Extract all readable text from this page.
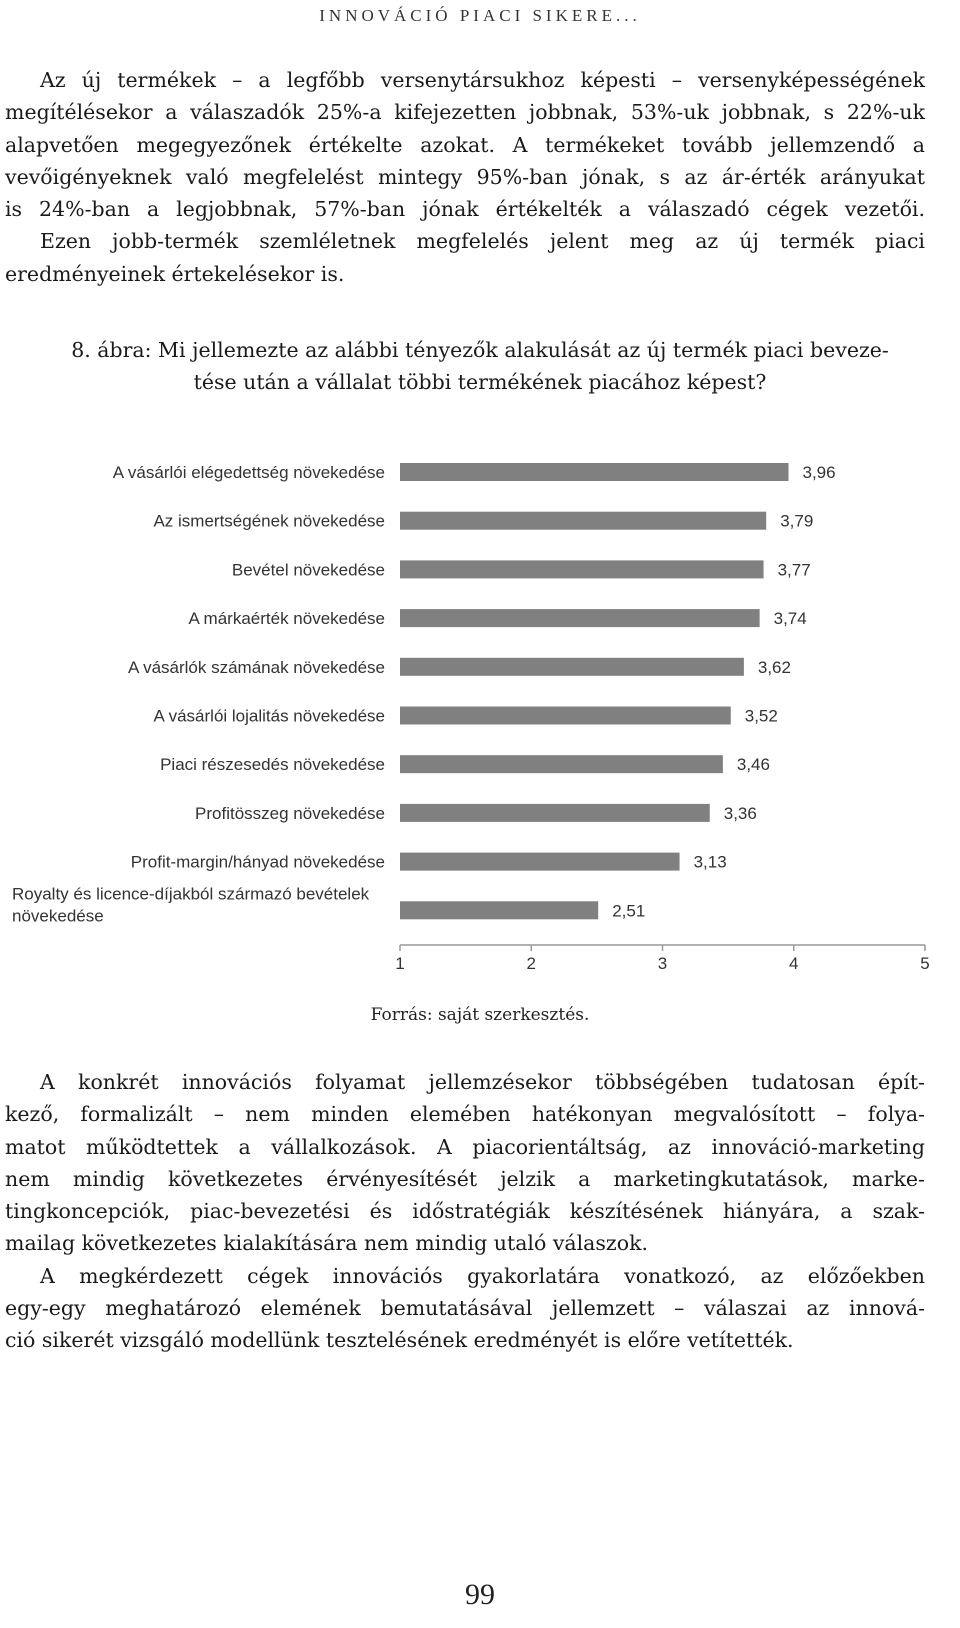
INNOVÁCIÓ PIACI SIKERE...
Az új termékek – a legfőbb versenytársukhoz képesti – versenyképességének
megítélésekor a válaszadók 25%-a kifejezetten jobbnak, 53%-uk jobbnak, s 22%-uk
alapvetően megegyezőnek értékelte azokat. A termékeket tovább jellemzendő a
vevőigényeknek való megfelelést mintegy 95%-ban jónak, s az ár-érték arányukat
is 24%-ban a legjobbnak, 57%-ban jónak értékelték a válaszadó cégek vezetői.
Ezen jobb-termék szemléletnek megfelelés jelent meg az új termék piaci
eredményeinek értekelésekor is.
8. ábra: Mi jellemezte az alábbi tényezők alakulását az új termék piaci beveze-
tése után a vállalat többi termékének piacához képest?
3,96
A vásárlói elégedettség növekedése
3,79
Az ismertségének növekedése
3,77
Bevétel növekedése
3,74
A márkaérték növekedése
3,62
A vásárlók számának növekedése
3,52
A vásárlói lojalitás növekedése
3,46
Piaci részesedés növekedése
3,36
Profitösszeg növekedése
3,13
Profit-margin/hányad növekedése
2,51
Royalty és licence-díjakból származó bevételek
növekedése
1	2	3	4	5
Forrás: saját szerkesztés.
A konkrét innovációs folyamat jellemzésekor többségében tudatosan épít-
kező, formalizált – nem minden elemében hatékonyan megvalósított – folya-
matot működtettek a vállalkozások. A piacorientáltság, az innováció-marketing
nem mindig következetes érvényesítését jelzik a marketingkutatások, marke-
tingkoncepciók, piac-bevezetési és időstratégiák készítésének hiányára, a szak-
mailag következetes kialakítására nem mindig utaló válaszok.
A megkérdezett cégek innovációs gyakorlatára vonatkozó, az előzőekben
egy-egy meghatározó elemének bemutatásával jellemzett – válaszai az innová-
ció sikerét vizsgáló modellünk tesztelésének eredményét is előre vetítették.
99
